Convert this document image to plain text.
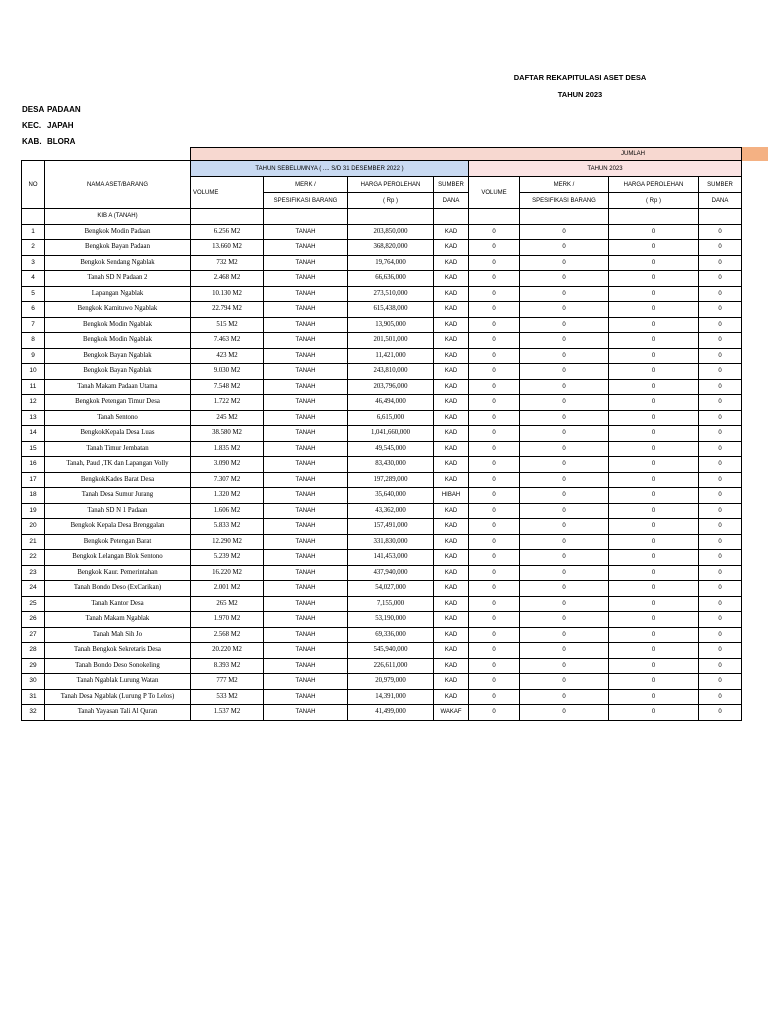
DAFTAR REKAPITULASI ASET DESA
TAHUN 2023
DESA PADAAN
KEC. JAPAH
KAB. BLORA
		JUMLAH							
NO	NAMA ASET/BARANG	TAHUN SEBELUMNYA ( .... S/D 31 DESEMBER 2022 )				TAHUN 2023			
		VOLUME	MERK /	HARGA PEROLEHAN	SUMBER	VOLUME	MERK /	HARGA PEROLEHAN	SUMBER
			SPESIFIKASI BARANG	( Rp )	DANA		SPESIFIKASI BARANG	( Rp )	DANA
	KIB A (TANAH)								
1	Bengkok Modin Padaan	6.256 M2	TANAH	203,850,000	KAD	0	0	0	0
2	Bengkok Bayan Padaan	13.660 M2	TANAH	368,820,000	KAD	0	0	0	0
3	Bengkok Sendang Ngablak	732 M2	TANAH	19,764,000	KAD	0	0	0	0
4	Tanah SD N Padaan 2	2.468 M2	TANAH	66,636,000	KAD	0	0	0	0
5	Lapangan Ngablak	10.130 M2	TANAH	273,510,000	KAD	0	0	0	0
6	Bengkok Kamituwo Ngablak	22.794 M2	TANAH	615,438,000	KAD	0	0	0	0
7	Bengkok Modin Ngablak	515 M2	TANAH	13,905,000	KAD	0	0	0	0
8	Bengkok Modin Ngablak	7.463 M2	TANAH	201,501,000	KAD	0	0	0	0
9	Bengkok Bayan Ngablak	423 M2	TANAH	11,421,000	KAD	0	0	0	0
10	Bengkok Bayan Ngablak	9.030 M2	TANAH	243,810,000	KAD	0	0	0	0
11	Tanah Makam Padaan Utama	7.548 M2	TANAH	203,796,000	KAD	0	0	0	0
12	Bengkok Petengan Timur Desa	1.722 M2	TANAH	46,494,000	KAD	0	0	0	0
13	Tanah Sentono	245 M2	TANAH	6,615,000	KAD	0	0	0	0
14	BengkokKepala Desa Luas	38.580 M2	TANAH	1,041,660,000	KAD	0	0	0	0
15	Tanah Timur Jembatan	1.835 M2	TANAH	49,545,000	KAD	0	0	0	0
16	Tanah, Paud ,TK dan Lapangan Volly	3.090 M2	TANAH	83,430,000	KAD	0	0	0	0
17	BengkokKades Barat Desa	7.307 M2	TANAH	197,289,000	KAD	0	0	0	0
18	Tanah Desa Sumur Jurang	1.320 M2	TANAH	35,640,000	HIBAH	0	0	0	0
19	Tanah SD N 1 Padaan	1.606 M2	TANAH	43,362,000	KAD	0	0	0	0
20	Bengkok Kepala Desa Brenggalan	5.833 M2	TANAH	157,491,000	KAD	0	0	0	0
21	Bengkok Petengan Barat	12.290 M2	TANAH	331,830,000	KAD	0	0	0	0
22	Bengkok Lelangan Blok Sentono	5.239 M2	TANAH	141,453,000	KAD	0	0	0	0
23	Bengkok Kaur. Pemerintahan	16.220 M2	TANAH	437,940,000	KAD	0	0	0	0
24	Tanah Bondo Deso (ExCarikan)	2.001 M2	TANAH	54,027,000	KAD	0	0	0	0
25	Tanah Kantor Desa	265 M2	TANAH	7,155,000	KAD	0	0	0	0
26	Tanah Makam Ngablak	1.970 M2	TANAH	53,190,000	KAD	0	0	0	0
27	Tanah Mah Sih Jo	2.568 M2	TANAH	69,336,000	KAD	0	0	0	0
28	Tanah Bengkok Sekretaris Desa	20.220 M2	TANAH	545,940,000	KAD	0	0	0	0
29	Tanah Bondo Deso Sonokeling	8.393 M2	TANAH	226,611,000	KAD	0	0	0	0
30	Tanah Ngablak Lurung Watan	777 M2	TANAH	20,979,000	KAD	0	0	0	0
31	Tanah Desa Ngablak (Lurung P To Lelos)	533 M2	TANAH	14,391,000	KAD	0	0	0	0
32	Tanah Yayasan Tali Al Quran	1.537 M2	TANAH	41,499,000	WAKAF	0	0	0	0
